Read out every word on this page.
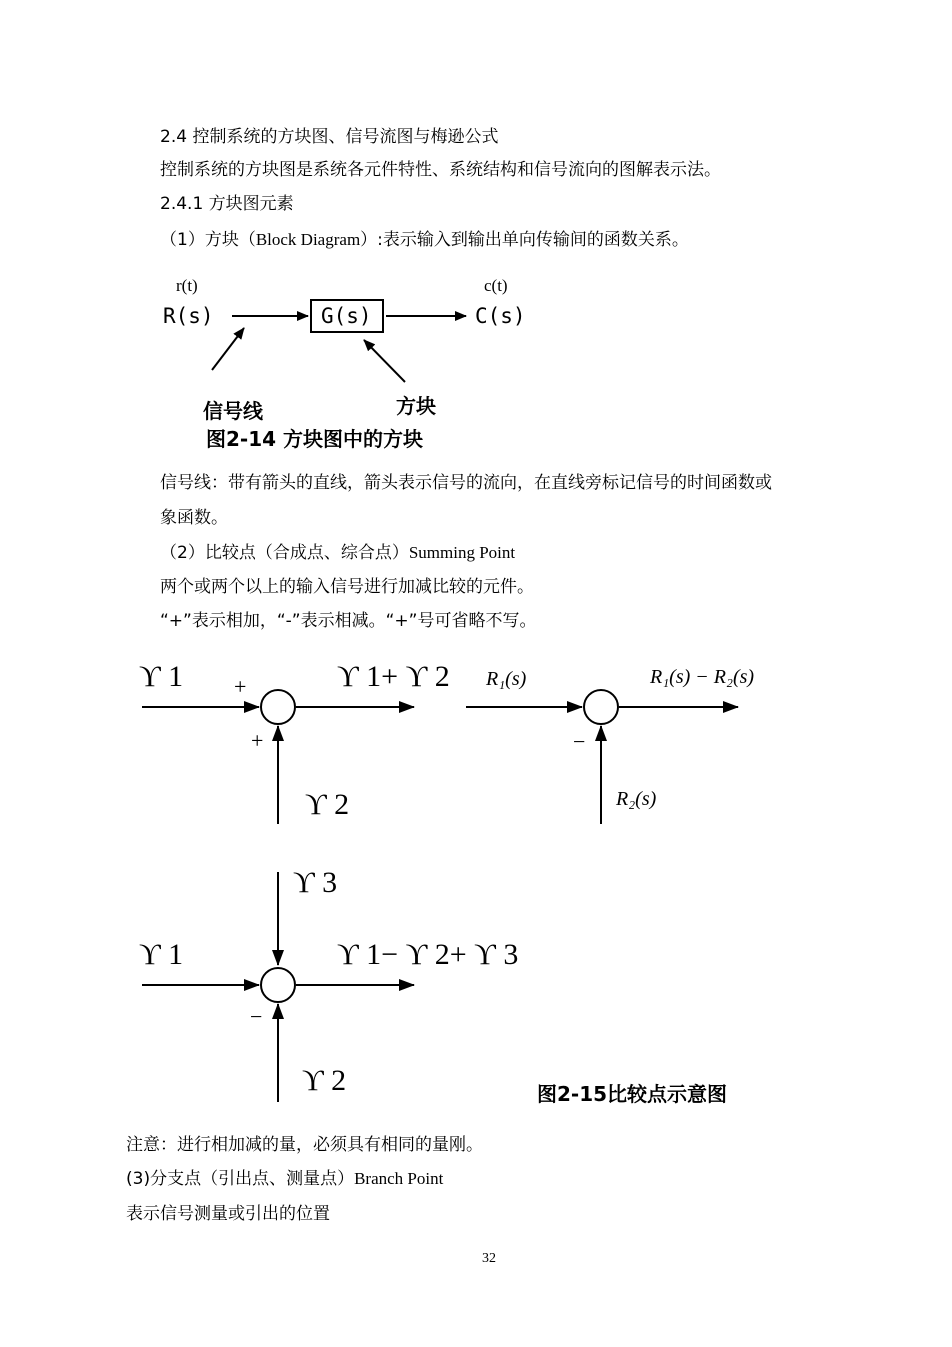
2.4 控制系统的方块图、信号流图与梅逊公式
控制系统的方块图是系统各元件特性、系统结构和信号流向的图解表示法。
2.4.1 方块图元素
（1）方块（Block Diagram）:表示输入到输出单向传输间的函数关系。
r(t)	c(t)
R(s)	G(s)	C(s)
信号线	方块
图2-14 方块图中的方块
信号线：带有箭头的直线，箭头表示信号的流向，在直线旁标记信号的时间函数或
象函数。
（2）比较点（合成点、综合点）Summing Point
两个或两个以上的输入信号进行加减比较的元件。
“+”表示相加，“-”表示相减。“+”号可省略不写。
ϒ 1 +	ϒ 1+ ϒ 2
+
ϒ 2
R₁(s)	R₁(s) − R₂(s)
−
R₂(s)
ϒ 3
ϒ 1	ϒ 1− ϒ 2+ ϒ 3
−
ϒ 2	图2-15比较点示意图
注意：进行相加减的量，必须具有相同的量刚。
(3)分支点（引出点、测量点）Branch Point
表示信号测量或引出的位置
32
